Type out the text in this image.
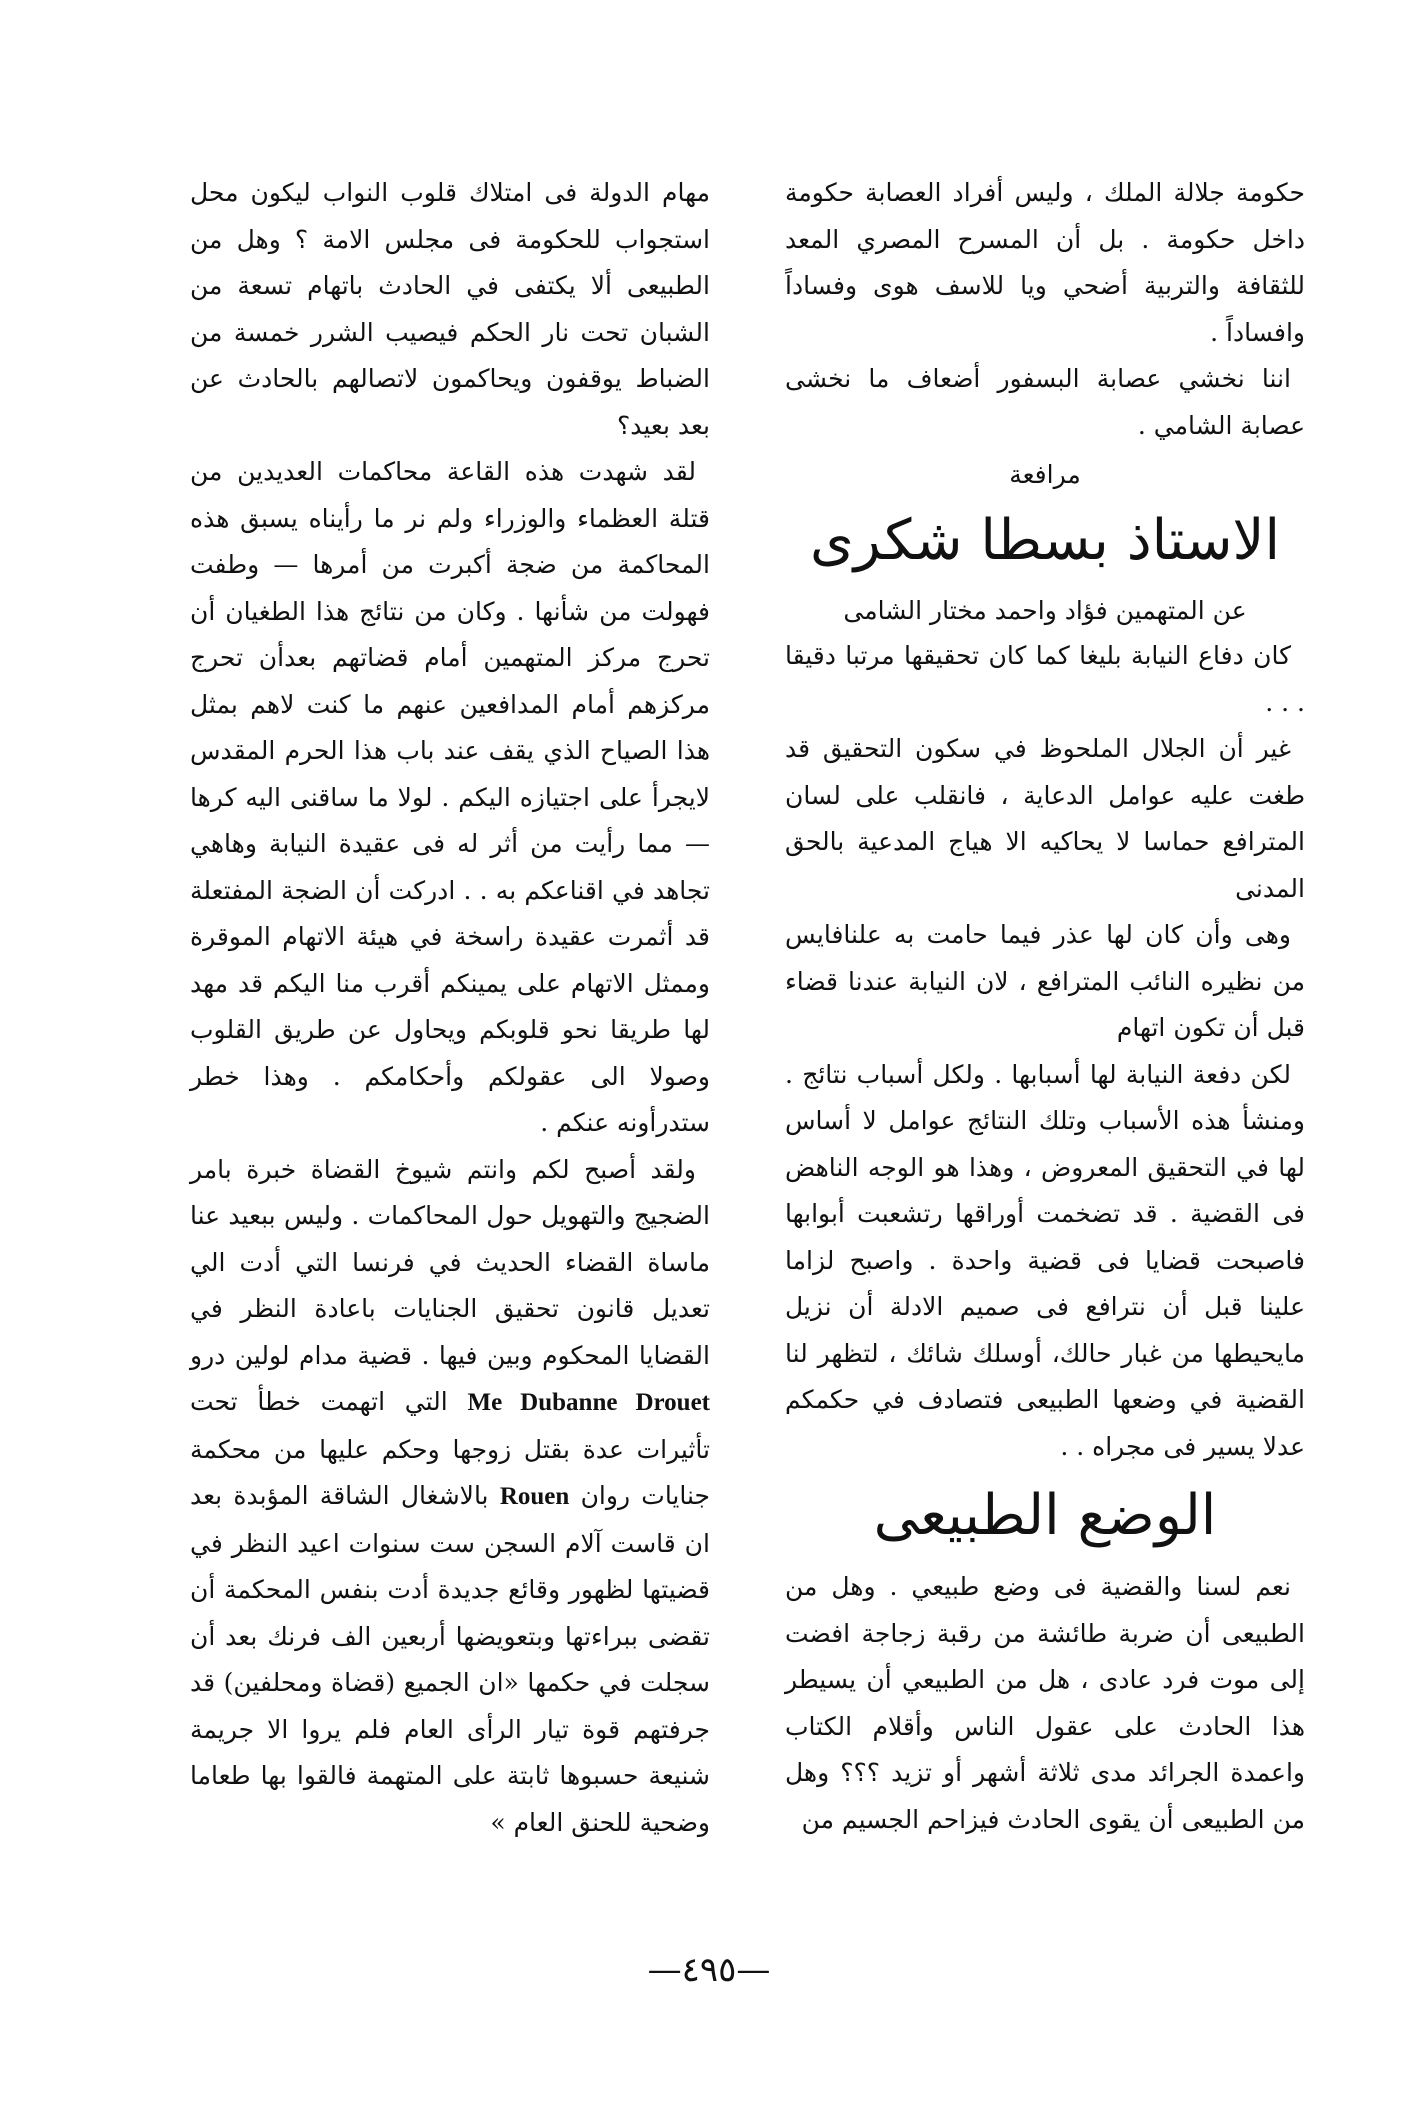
حكومة جلالة الملك ، وليس أفراد العصابة حكومة داخل حكومة . بل أن المسرح المصري المعد للثقافة والتربية أضحي ويا للاسف هوى وفساداً وافساداً .

اننا نخشي عصابة البسفور أضعاف ما نخشى عصابة الشامي .

مرافعة
الاستاذ بسطا شكرى
عن المتهمين فؤاد واحمد مختار الشامى

كان دفاع النيابة بليغا كما كان تحقيقها مرتبا دقيقا . . .

غير أن الجلال الملحوظ في سكون التحقيق قد طغت عليه عوامل الدعاية ، فانقلب على لسان المترافع حماسا لا يحاكيه الا هياج المدعية بالحق المدنى

وهى وأن كان لها عذر فيما حامت به علنافايس من نظيره النائب المترافع ، لان النيابة عندنا قضاء قبل أن تكون اتهام

لكن دفعة النيابة لها أسبابها . ولكل أسباب نتائج . ومنشأ هذه الأسباب وتلك النتائج عوامل لا أساس لها في التحقيق المعروض ، وهذا هو الوجه الناهض فى القضية . قد تضخمت أوراقها رتشعبت أبوابها فاصبحت قضايا فى قضية واحدة . واصبح لزاما علينا قبل أن نترافع فى صميم الادلة أن نزيل مايحيطها من غبار حالك، أوسلك شائك ، لتظهر لنا القضية في وضعها الطبيعى فتصادف في حكمكم عدلا يسير فى مجراه . .

الوضع الطبيعى

نعم لسنا والقضية فى وضع طبيعي . وهل من الطبيعى أن ضربة طائشة من رقبة زجاجة افضت إلى موت فرد عادى ، هل من الطبيعي أن يسيطر هذا الحادث على عقول الناس وأقلام الكتاب واعمدة الجرائد مدى ثلاثة أشهر أو تزيد ؟؟؟ وهل من الطبيعى أن يقوى الحادث فيزاحم الجسيم من

مهام الدولة فى امتلاك قلوب النواب ليكون محل استجواب للحكومة فى مجلس الامة ؟ وهل من الطبيعى ألا يكتفى في الحادث باتهام تسعة من الشبان تحت نار الحكم فيصيب الشرر خمسة من الضباط يوقفون ويحاكمون لاتصالهم بالحادث عن بعد بعيد؟

لقد شهدت هذه القاعة محاكمات العديدين من قتلة العظماء والوزراء ولم نر ما رأيناه يسبق هذه المحاكمة من ضجة أكبرت من أمرها — وطفت فهولت من شأنها . وكان من نتائج هذا الطغيان أن تحرج مركز المتهمين أمام قضاتهم بعدأن تحرج مركزهم أمام المدافعين عنهم ما كنت لاهم بمثل هذا الصياح الذي يقف عند باب هذا الحرم المقدس لايجرأ على اجتيازه اليكم . لولا ما ساقنى اليه كرها — مما رأيت من أثر له فى عقيدة النيابة وهاهي تجاهد في اقناعكم به . . ادركت أن الضجة المفتعلة قد أثمرت عقيدة راسخة في هيئة الاتهام الموقرة وممثل الاتهام على يمينكم أقرب منا اليكم قد مهد لها طريقا نحو قلوبكم ويحاول عن طريق القلوب وصولا الى عقولكم وأحكامكم . وهذا خطر ستدرأونه عنكم .

ولقد أصبح لكم وانتم شيوخ القضاة خبرة بامر الضجيج والتهويل حول المحاكمات . وليس ببعيد عنا ماساة القضاء الحديث في فرنسا التي أدت الي تعديل قانون تحقيق الجنايات باعادة النظر في القضايا المحكوم وبين فيها . قضية مدام لولين درو Me Dubanne Drouet التي اتهمت خطأ تحت تأثيرات عدة بقتل زوجها وحكم عليها من محكمة جنايات روان Rouen بالاشغال الشاقة المؤبدة بعد ان قاست آلام السجن ست سنوات اعيد النظر في قضيتها لظهور وقائع جديدة أدت بنفس المحكمة أن تقضى ببراءتها وبتعويضها أربعين الف فرنك بعد أن سجلت في حكمها «ان الجميع (قضاة ومحلفين) قد جرفتهم قوة تيار الرأى العام فلم يروا الا جريمة شنيعة حسبوها ثابتة على المتهمة فالقوا بها طعاما وضحية للحنق العام »

—٤٩٥—
